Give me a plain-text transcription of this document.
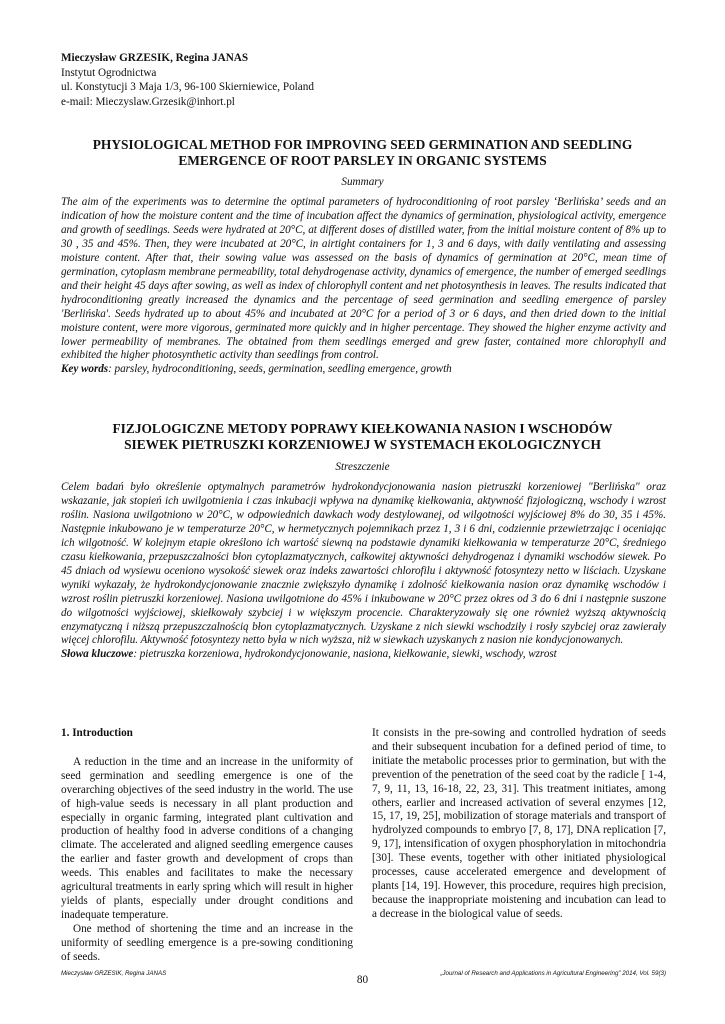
Mieczysław GRZESIK, Regina JANAS
Instytut Ogrodnictwa
ul. Konstytucji 3 Maja 1/3, 96-100 Skierniewice, Poland
e-mail: Mieczyslaw.Grzesik@inhort.pl
PHYSIOLOGICAL METHOD FOR IMPROVING SEED GERMINATION AND SEEDLING
EMERGENCE OF ROOT PARSLEY IN ORGANIC SYSTEMS
Summary
The aim of the experiments was to determine the optimal parameters of hydroconditioning of root parsley ‘Berlińska’ seeds and an indication of how the moisture content and the time of incubation affect the dynamics of germination, physiological activity, emergence and growth of seedlings. Seeds were hydrated at 20°C, at different doses of distilled water, from the initial moisture content of 8% up to 30 , 35 and 45%. Then, they were incubated at 20°C, in airtight containers for 1, 3 and 6 days, with daily ventilating and assessing moisture content. After that, their sowing value was assessed on the basis of dynamics of germination at 20°C, mean time of germination, cytoplasm membrane permeability, total dehydrogenase activity, dynamics of emergence, the number of emerged seedlings and their height 45 days after sowing, as well as index of chlorophyll content and net photosynthesis in leaves. The results indicated that hydroconditioning greatly increased the dynamics and the percentage of seed germination and seedling emergence of parsley 'Berlińska'. Seeds hydrated up to about 45% and incubated at 20°C for a period of 3 or 6 days, and then dried down to the initial moisture content, were more vigorous, germinated more quickly and in higher percentage. They showed the higher enzyme activity and lower permeability of membranes. The obtained from them seedlings emerged and grew faster, contained more chlorophyll and exhibited the higher photosynthetic activity than seedlings from control.
Key words: parsley, hydroconditioning, seeds, germination, seedling emergence, growth
FIZJOLOGICZNE METODY POPRAWY KIEŁKOWANIA NASION I WSCHODÓW
SIEWEK PIETRUSZKI KORZENIOWEJ W SYSTEMACH EKOLOGICZNYCH
Streszczenie
Celem badań było określenie optymalnych parametrów hydrokondycjonowania nasion pietruszki korzeniowej "Berlińska" oraz wskazanie, jak stopień ich uwilgotnienia i czas inkubacji wpływa na dynamikę kiełkowania, aktywność fizjologiczną, wschody i wzrost roślin. Nasiona uwilgotniono w 20°C, w odpowiednich dawkach wody destylowanej, od wilgotności wyjściowej 8% do 30, 35 i 45%. Następnie inkubowano je w temperaturze 20°C, w hermetycznych pojemnikach przez 1, 3 i 6 dni, codziennie przewietrzając i oceniając ich wilgotność. W kolejnym etapie określono ich wartość siewną na podstawie dynamiki kiełkowania w temperaturze 20°C, średniego czasu kiełkowania, przepuszczalności błon cytoplazmatycznych, całkowitej aktywności dehydrogenaz i dynamiki wschodów siewek. Po 45 dniach od wysiewu oceniono wysokość siewek oraz indeks zawartości chlorofilu i aktywność fotosyntezy netto w liściach. Uzyskane wyniki wykazały, że hydrokondycjonowanie znacznie zwiększyło dynamikę i zdolność kiełkowania nasion oraz dynamikę wschodów i wzrost roślin pietruszki korzeniowej. Nasiona uwilgotnione do 45% i inkubowane w 20°C przez okres od 3 do 6 dni i następnie suszone do wilgotności wyjściowej, skiełkowały szybciej i w większym procencie. Charakteryzowały się one również wyższą aktywnością enzymatyczną i niższą przepuszczalnością błon cytoplazmatycznych. Uzyskane z nich siewki wschodziły i rosły szybciej oraz zawierały więcej chlorofilu. Aktywność fotosyntezy netto była w nich wyższa, niż w siewkach uzyskanych z nasion nie kondycjonowanych.
Słowa kluczowe: pietruszka korzeniowa, hydrokondycjonowanie, nasiona, kiełkowanie, siewki, wschody, wzrost
1. Introduction

A reduction in the time and an increase in the uniformity of seed germination and seedling emergence is one of the overarching objectives of the seed industry in the world. The use of high-value seeds is necessary in all plant production and especially in organic farming, integrated plant cultivation and production of healthy food in adverse conditions of a changing climate. The accelerated and aligned seedling emergence causes the earlier and faster growth and development of crops than weeds. This enables and facilitates to make the necessary agricultural treatments in early spring which will result in higher yields of plants, especially under drought conditions and inadequate temperature.

One method of shortening the time and an increase in the uniformity of seedling emergence is a pre-sowing conditioning of seeds.

It consists in the pre-sowing and controlled hydration of seeds and their subsequent incubation for a defined period of time, to initiate the metabolic processes prior to germination, but with the prevention of the penetration of the seed coat by the radicle [ 1-4, 7, 9, 11, 13, 16-18, 22, 23, 31]. This treatment initiates, among others, earlier and increased activation of several enzymes [12, 15, 17, 19, 25], mobilization of storage materials and transport of hydrolyzed compounds to embryo [7, 8, 17], DNA replication [7, 9, 17], intensification of oxygen phosphorylation in mitochondria [30]. These events, together with other initiated physiological processes, cause accelerated emergence and development of plants [14, 19]. However, this procedure, requires high precision, because the inappropriate moistening and incubation can lead to a decrease in the biological value of seeds.

Mieczysław GRZESIK, Regina JANAS	„Journal of Research and Applications in Agricultural Engineering” 2014, Vol. 59(3)
80
